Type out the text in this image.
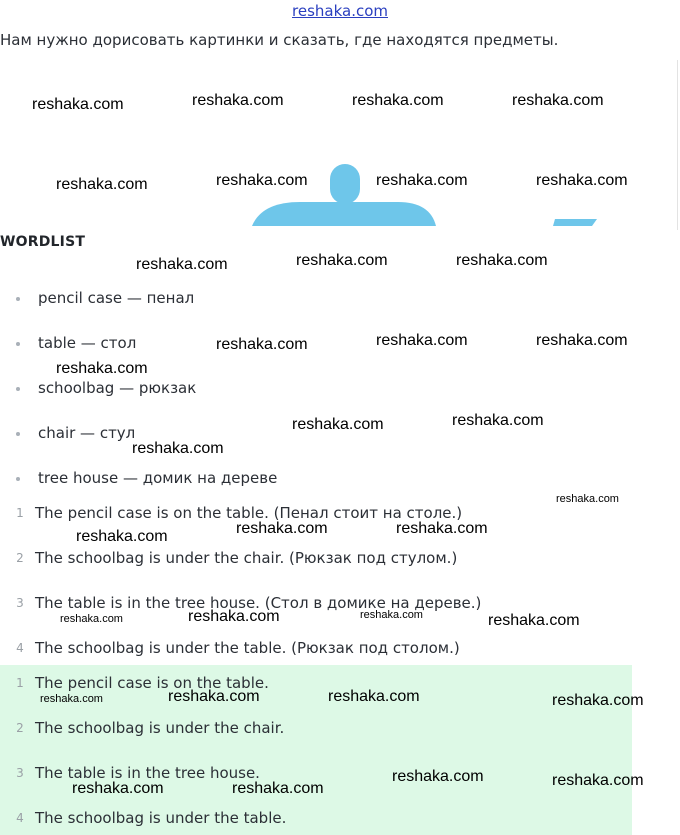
reshaka.com
Нам нужно дорисовать картинки и сказать, где находятся предметы.
WORDLIST
pencil case — пенал
table — стол
schoolbag — рюкзак
chair — стул
tree house — домик на дереве
1 The pencil case is on the table. (Пенал стоит на столе.)
2 The schoolbag is under the chair. (Рюкзак под стулом.)
3 The table is in the tree house. (Стол в домике на дереве.)
4 The schoolbag is under the table. (Рюкзак под столом.)
1 The pencil case is on the table.
2 The schoolbag is under the chair.
3 The table is in the tree house.
4 The schoolbag is under the table.
reshaka.com	reshaka.com	reshaka.com	reshaka.com
reshaka.com	reshaka.com	reshaka.com	reshaka.com
reshaka.com	reshaka.com	reshaka.com
reshaka.com	reshaka.com	reshaka.com
reshaka.com
reshaka.com	reshaka.com
reshaka.com
reshaka.com
reshaka.com	reshaka.com
reshaka.com
reshaka.com	reshaka.com	reshaka.com	reshaka.com
reshaka.com	reshaka.com	reshaka.com	reshaka.com
reshaka.com	reshaka.com
reshaka.com	reshaka.com
